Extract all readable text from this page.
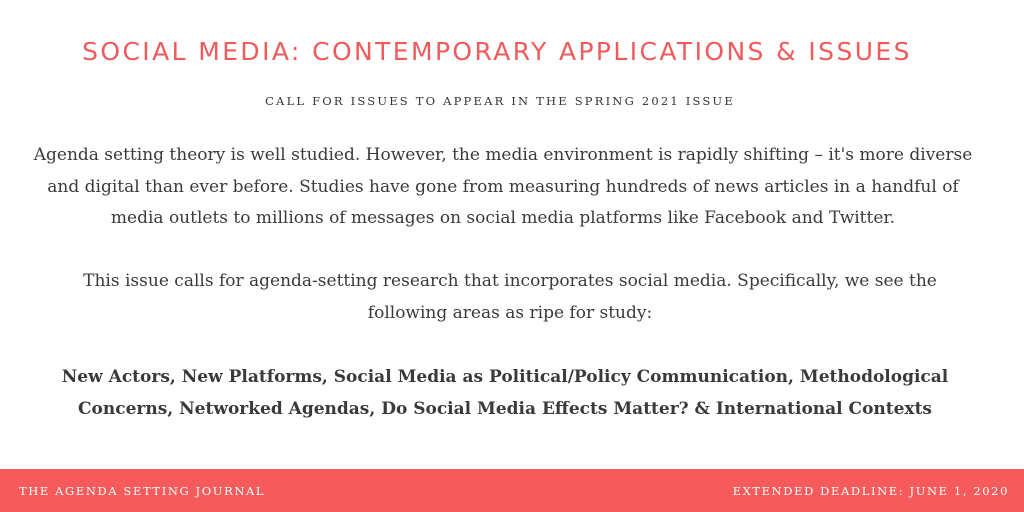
SOCIAL MEDIA: CONTEMPORARY APPLICATIONS & ISSUES
CALL FOR ISSUES TO APPEAR IN THE SPRING 2021 ISSUE

Agenda setting theory is well studied. However, the media environment is rapidly shifting – it's more diverse and digital than ever before. Studies have gone from measuring hundreds of news articles in a handful of media outlets to millions of messages on social media platforms like Facebook and Twitter.

This issue calls for agenda-setting research that incorporates social media. Specifically, we see the following areas as ripe for study:

New Actors, New Platforms, Social Media as Political/Policy Communication, Methodological Concerns, Networked Agendas, Do Social Media Effects Matter? & International Contexts

THE AGENDA SETTING JOURNAL	EXTENDED DEADLINE: JUNE 1, 2020
